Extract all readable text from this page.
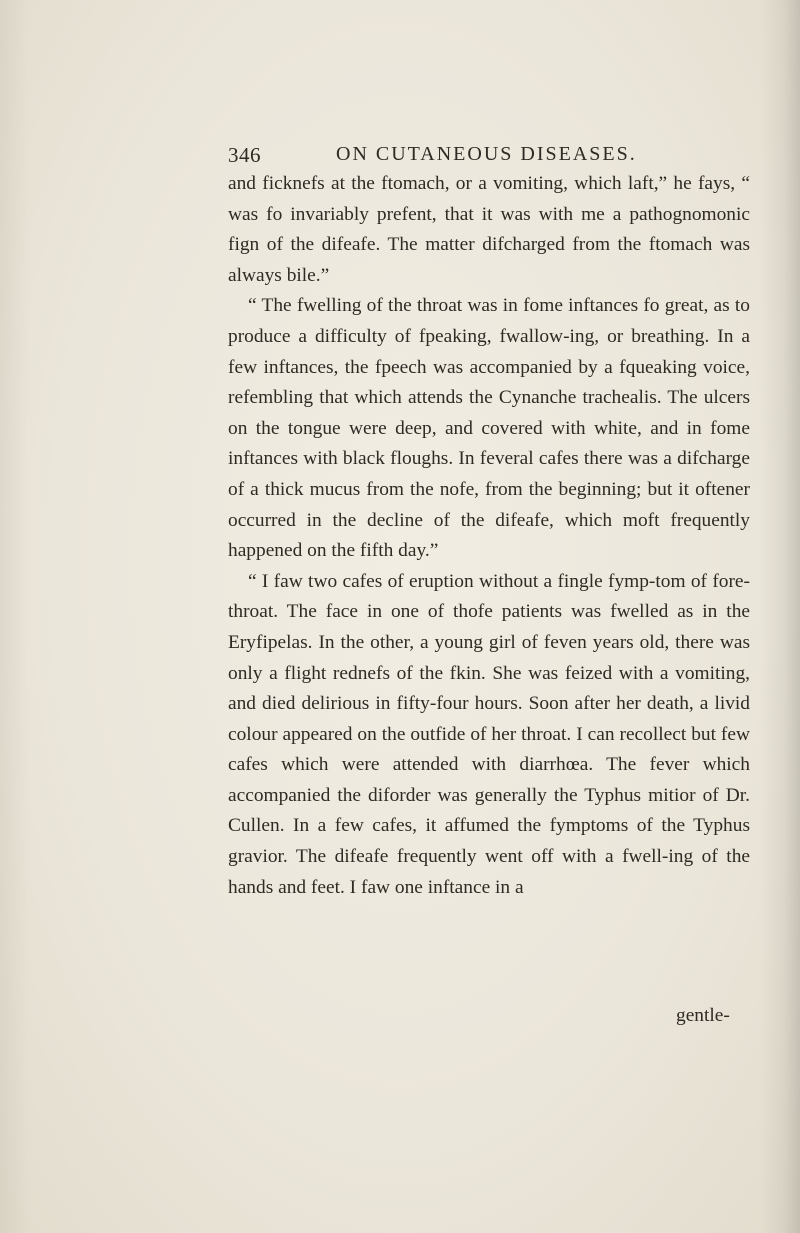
346	ON CUTANEOUS DISEASES.

and ficknefs at the ftomach, or a vomiting, which laft,” he fays, “ was fo invariably prefent, that it was with me a pathognomonic fign of the difeafe. The matter difcharged from the ftomach was always bile.”

“ The fwelling of the throat was in fome inftances fo great, as to produce a difficulty of fpeaking, fwallow-ing, or breathing. In a few inftances, the fpeech was accompanied by a fqueaking voice, refembling that which attends the Cynanche trachealis. The ulcers on the tongue were deep, and covered with white, and in fome inftances with black floughs. In feveral cafes there was a difcharge of a thick mucus from the nofe, from the beginning; but it oftener occurred in the decline of the difeafe, which moft frequently happened on the fifth day.”

“ I faw two cafes of eruption without a fingle fymp-tom of fore-throat. The face in one of thofe patients was fwelled as in the Eryfipelas. In the other, a young girl of feven years old, there was only a flight rednefs of the fkin. She was feized with a vomiting, and died delirious in fifty-four hours. Soon after her death, a livid colour appeared on the outfide of her throat. I can recollect but few cafes which were attended with diarrhœa. The fever which accompanied the diforder was generally the Typhus mitior of Dr. Cullen. In a few cafes, it affumed the fymptoms of the Typhus gravior. The difeafe frequently went off with a fwell-ing of the hands and feet. I faw one inftance in a

gentle-
